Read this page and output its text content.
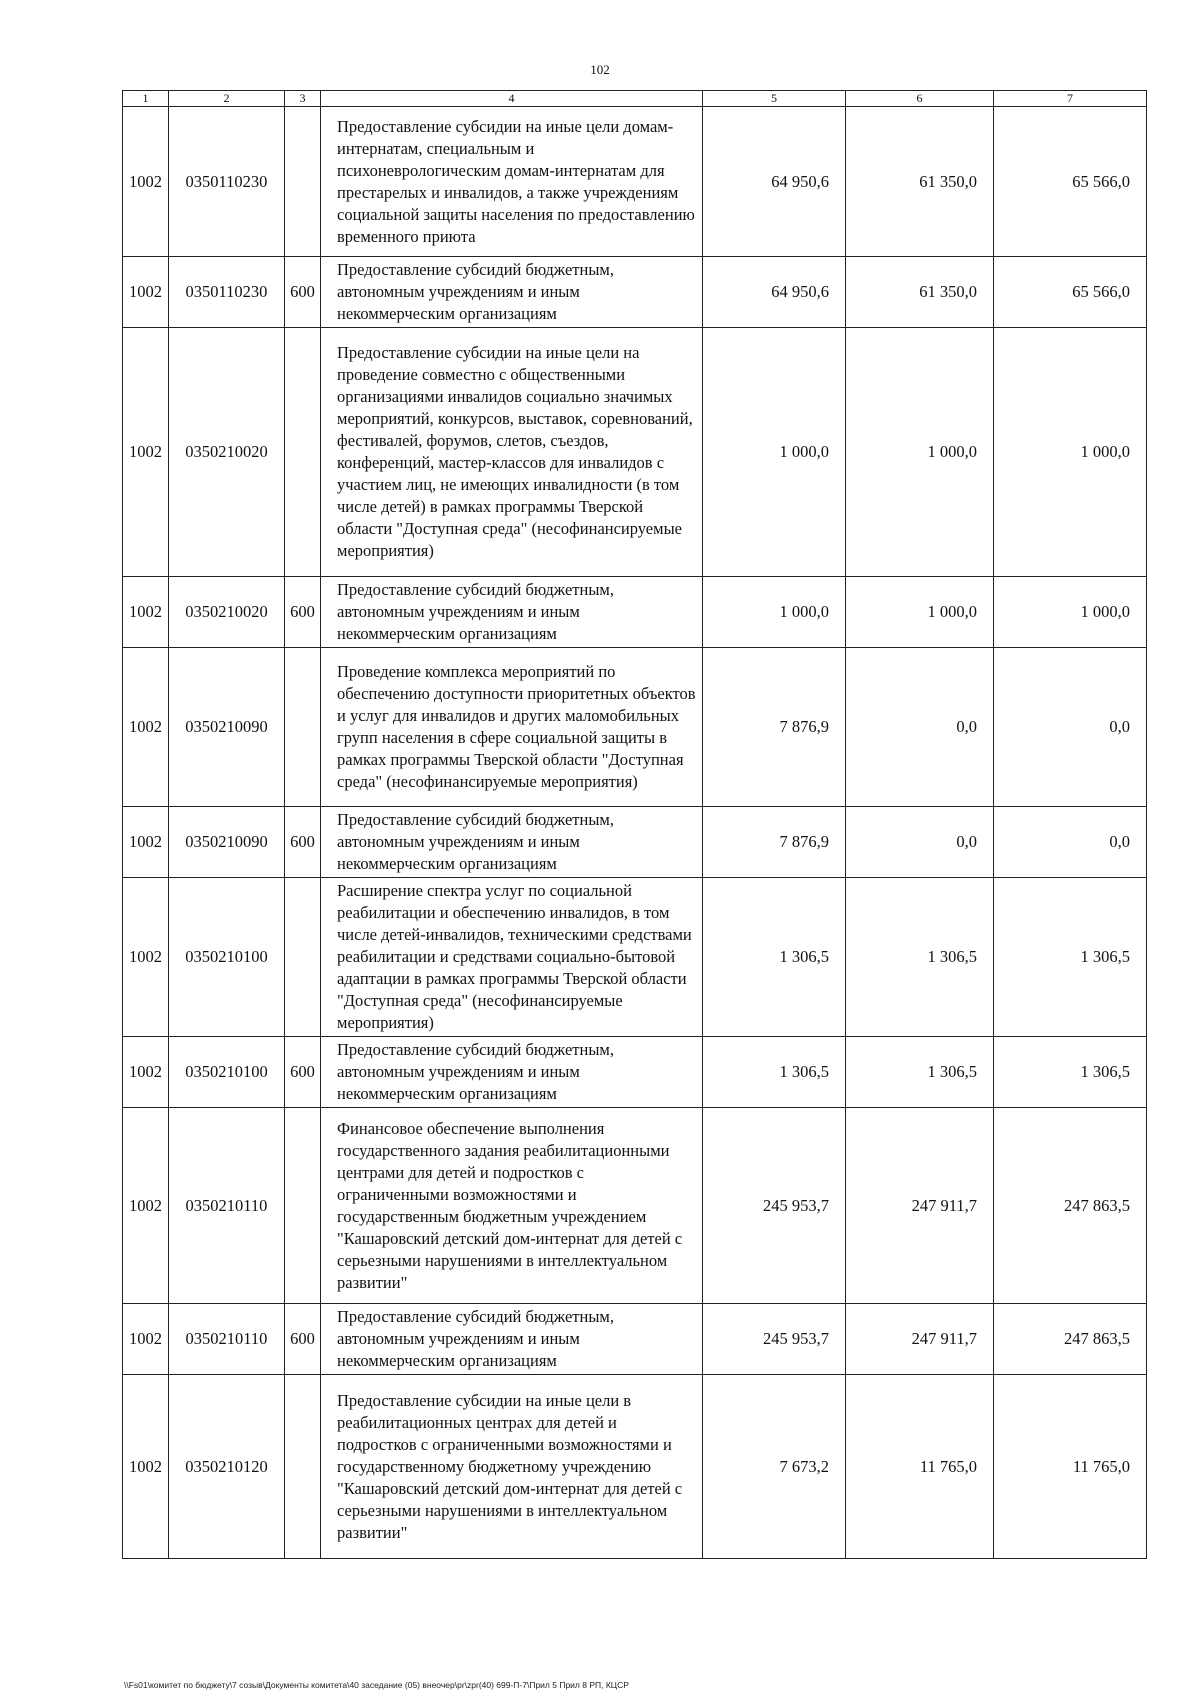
102
1	2	3	4	5	6	7
1002	0350110230		Предоставление субсидии на иные цели домам-интернатам, специальным и психоневрологическим домам-интернатам для престарелых и инвалидов, а также учреждениям социальной защиты населения по предоставлению временного приюта	64 950,6	61 350,0	65 566,0
1002	0350110230	600	Предоставление субсидий бюджетным, автономным учреждениям и иным некоммерческим организациям	64 950,6	61 350,0	65 566,0
1002	0350210020		Предоставление субсидии на иные цели на проведение совместно с общественными организациями инвалидов социально значимых мероприятий, конкурсов, выставок, соревнований, фестивалей, форумов, слетов, съездов, конференций, мастер-классов для инвалидов с участием лиц, не имеющих инвалидности (в том числе детей) в рамках программы Тверской области "Доступная среда" (несофинансируемые мероприятия)	1 000,0	1 000,0	1 000,0
1002	0350210020	600	Предоставление субсидий бюджетным, автономным учреждениям и иным некоммерческим организациям	1 000,0	1 000,0	1 000,0
1002	0350210090		Проведение комплекса мероприятий по обеспечению доступности приоритетных объектов и услуг для инвалидов и других маломобильных групп населения в сфере социальной защиты в рамках программы Тверской области "Доступная среда" (несофинансируемые мероприятия)	7 876,9	0,0	0,0
1002	0350210090	600	Предоставление субсидий бюджетным, автономным учреждениям и иным некоммерческим организациям	7 876,9	0,0	0,0
1002	0350210100		Расширение спектра услуг по социальной реабилитации и обеспечению инвалидов, в том числе детей-инвалидов, техническими средствами реабилитации и средствами социально-бытовой адаптации в рамках программы Тверской области "Доступная среда" (несофинансируемые мероприятия)	1 306,5	1 306,5	1 306,5
1002	0350210100	600	Предоставление субсидий бюджетным, автономным учреждениям и иным некоммерческим организациям	1 306,5	1 306,5	1 306,5
1002	0350210110		Финансовое обеспечение выполнения государственного задания реабилитационными центрами для детей и подростков с ограниченными возможностями и государственным бюджетным учреждением "Кашаровский детский дом-интернат для детей с серьезными нарушениями в интеллектуальном развитии"	245 953,7	247 911,7	247 863,5
1002	0350210110	600	Предоставление субсидий бюджетным, автономным учреждениям и иным некоммерческим организациям	245 953,7	247 911,7	247 863,5
1002	0350210120		Предоставление субсидии на иные цели в реабилитационных центрах для детей и подростков с ограниченными возможностями и государственному бюджетному учреждению "Кашаровский детский дом-интернат для детей с серьезными нарушениями в интеллектуальном развитии"	7 673,2	11 765,0	11 765,0
\\Fs01\комитет по бюджету\7 созыв\Документы комитета\40 заседание (05) внеочер\pr\zpr(40) 699-П-7\Прил 5 Прил 8 РП, КЦСР
